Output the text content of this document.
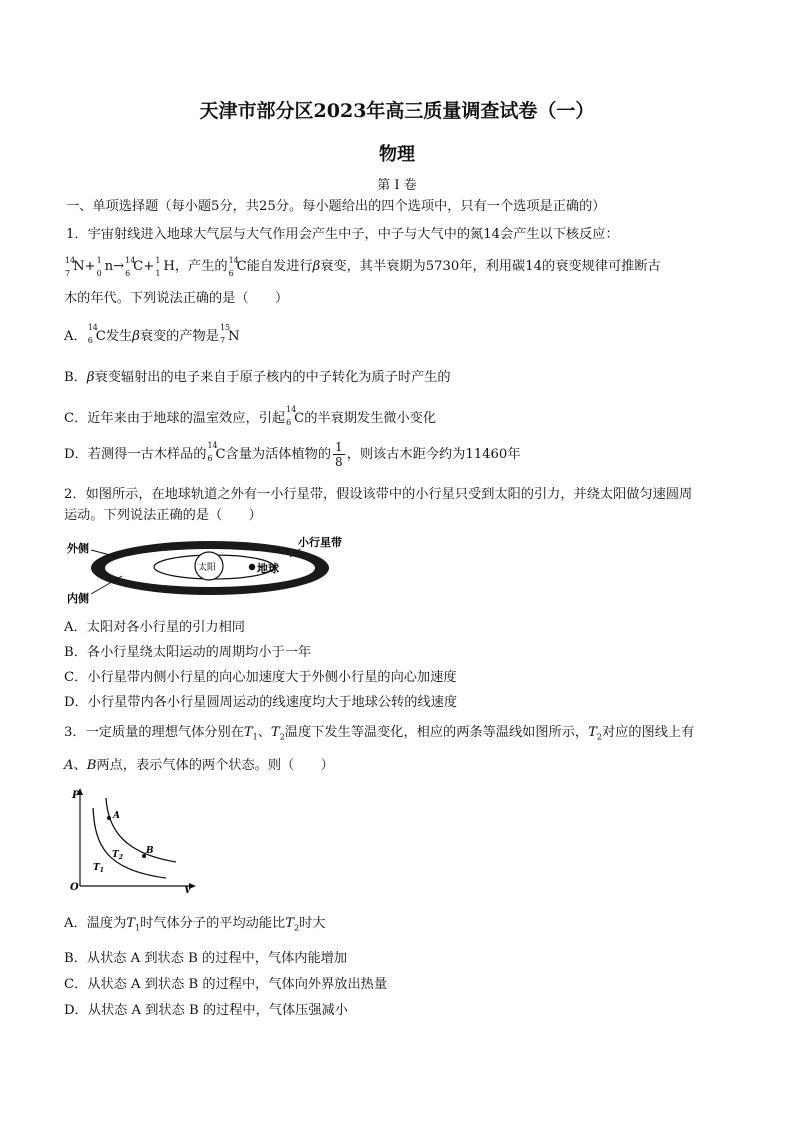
天津市部分区2023年高三质量调查试卷（一）
物理
第 Ⅰ 卷
一、单项选择题（每小题5分，共25分。每小题给出的四个选项中，只有一个选项是正确的）
1．宇宙射线进入地球大气层与大气作用会产生中子，中子与大气中的氮14会产生以下核反应：
14
7 N+ 1
0 n→ 14
6 C+ 1
1 H，产生的 14
6 C能自发进行β衰变，其半衰期为5730年，利用碳14的衰变规律可推断古
木的年代。下列说法正确的是（　　）
A．
14
6 C发生β衰变的产物是
15
7 N
B．β衰变辐射出的电子来自于原子核内的中子转化为质子时产生的
C．近年来由于地球的温室效应，引起
14
6 C的半衰期发生微小变化
D．若测得一古木样品的
14
6 C含量为活体植物的 $\frac{1}{8}$ ，则该古木距今约为11460年
2．如图所示，在地球轨道之外有一小行星带，假设该带中的小行星只受到太阳的引力，并绕太阳做匀速圆周
运动。下列说法正确的是（　　）
太阳	地球
外侧
内侧
小行星带
A．太阳对各小行星的引力相同
B．各小行星绕太阳运动的周期均小于一年
C．小行星带内侧小行星的向心加速度大于外侧小行星的向心加速度
D．小行星带内各小行星圆周运动的线速度均大于地球公转的线速度
3．一定质量的理想气体分别在$T_1$、$T_2$温度下发生等温变化，相应的两条等温线如图所示，$T_2$对应的图线上有
A、B两点，表示气体的两个状态。则（　　）
P
V
O
A
B
$T_2$
$T_1$
A．温度为$T_1$时气体分子的平均动能比$T_2$时大
B．从状态 A 到状态 B 的过程中，气体内能增加
C．从状态 A 到状态 B 的过程中，气体向外界放出热量
D．从状态 A 到状态 B 的过程中，气体压强减小
